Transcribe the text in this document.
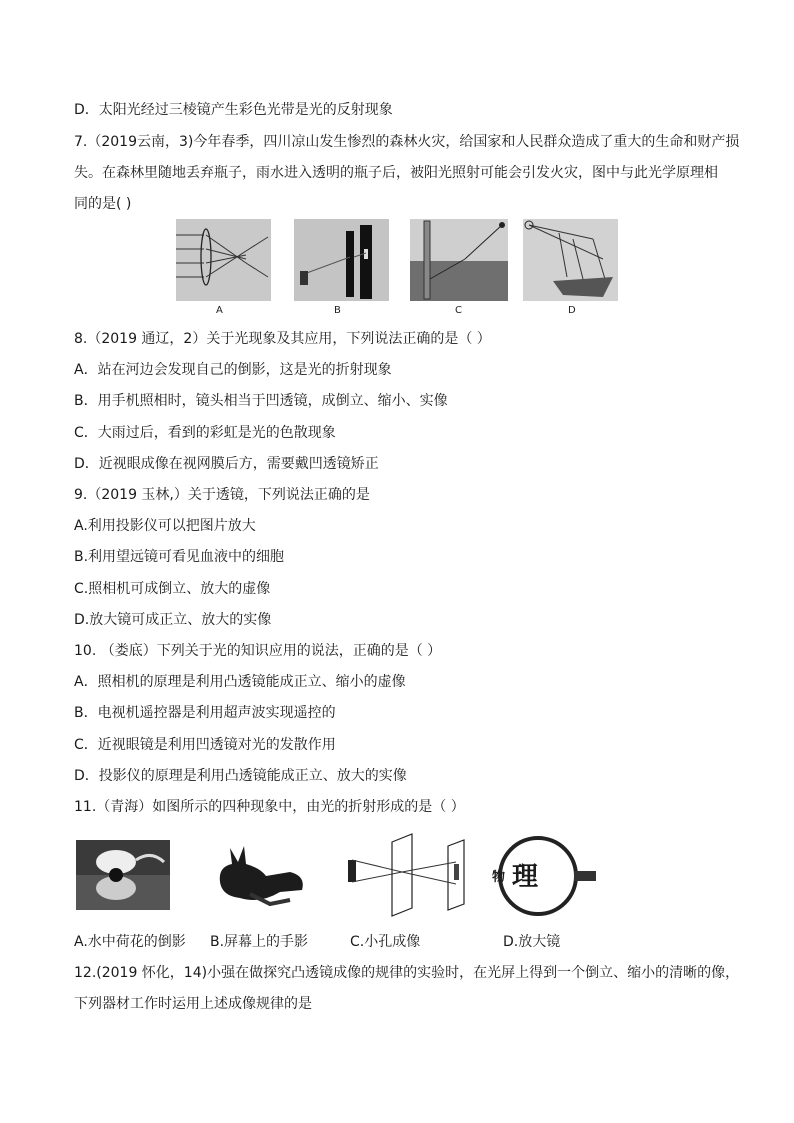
D．太阳光经过三棱镜产生彩色光带是光的反射现象
7.（2019云南，3)今年春季，四川凉山发生惨烈的森林火灾，给国家和人民群众造成了重大的生命和财产损
失。在森林里随地丢弃瓶子，雨水进入透明的瓶子后，被阳光照射可能会引发火灾，图中与此光学原理相
同的是( )
A	B	C	D
8.（2019 通辽，2）关于光现象及其应用，下列说法正确的是（ ）
A．站在河边会发现自己的倒影，这是光的折射现象
B．用手机照相时，镜头相当于凹透镜，成倒立、缩小、实像
C．大雨过后，看到的彩虹是光的色散现象
D．近视眼成像在视网膜后方，需要戴凹透镜矫正
9.（2019 玉林,）关于透镜，下列说法正确的是
A.利用投影仪可以把图片放大
B.利用望远镜可看见血液中的细胞
C.照相机可成倒立、放大的虚像
D.放大镜可成正立、放大的实像
10. （娄底）下列关于光的知识应用的说法，正确的是（ ）
A．照相机的原理是利用凸透镜能成正立、缩小的虚像
B．电视机遥控器是利用超声波实现遥控的
C．近视眼镜是利用凹透镜对光的发散作用
D．投影仪的原理是利用凸透镜能成正立、放大的实像
11.（青海）如图所示的四种现象中，由光的折射形成的是（ ）
物 理
A.水中荷花的倒影 B.屏幕上的手影	C.小孔成像	D.放大镜
12.(2019 怀化，14)小强在做探究凸透镜成像的规律的实验时，在光屏上得到一个倒立、缩小的清晰的像，
下列器材工作时运用上述成像规律的是
